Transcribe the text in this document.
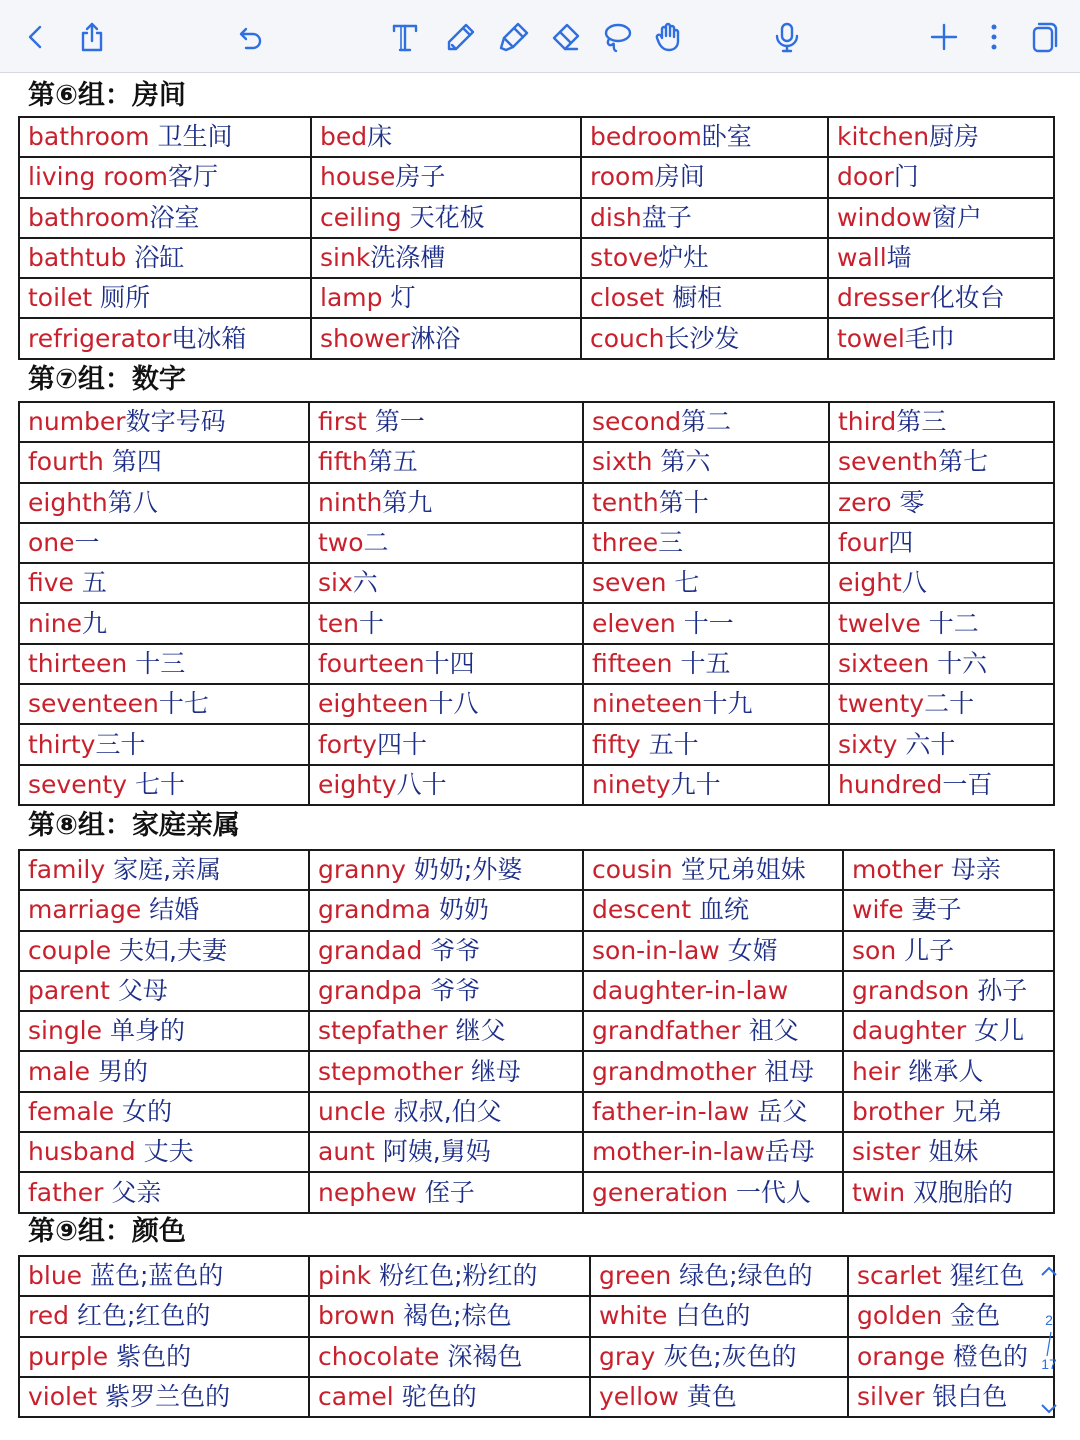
第⑥组：房间
bathroom 卫生间	bed床	bedroom卧室	kitchen厨房
living room客厅	house房子	room房间	door门
bathroom浴室	ceiling 天花板	dish盘子	window窗户
bathtub 浴缸	sink洗涤槽	stove炉灶	wall墙
toilet 厕所	lamp 灯	closet 橱柜	dresser化妆台
refrigerator电冰箱	shower淋浴	couch长沙发	towel毛巾
第⑦组：数字
number数字号码	first 第一	second第二	third第三
fourth 第四	fifth第五	sixth 第六	seventh第七
eighth第八	ninth第九	tenth第十	zero 零
one一	two二	three三	four四
five 五	six六	seven 七	eight八
nine九	ten十	eleven 十一	twelve 十二
thirteen 十三	fourteen十四	fifteen 十五	sixteen 十六
seventeen十七	eighteen十八	nineteen十九	twenty二十
thirty三十	forty四十	fifty 五十	sixty 六十
seventy 七十	eighty八十	ninety九十	hundred一百
第⑧组：家庭亲属
family 家庭,亲属	granny 奶奶;外婆	cousin 堂兄弟姐妹	mother 母亲
marriage 结婚	grandma 奶奶	descent 血统	wife 妻子
couple 夫妇,夫妻	grandad 爷爷	son-in-law 女婿	son 儿子
parent 父母	grandpa 爷爷	daughter-in-law	grandson 孙子
single 单身的	stepfather 继父	grandfather 祖父	daughter 女儿
male 男的	stepmother 继母	grandmother 祖母	heir 继承人
female 女的	uncle 叔叔,伯父	father-in-law 岳父	brother 兄弟
husband 丈夫	aunt 阿姨,舅妈	mother-in-law岳母	sister 姐妹
father 父亲	nephew 侄子	generation 一代人	twin 双胞胎的
第⑨组：颜色
blue 蓝色;蓝色的	pink 粉红色;粉红的	green 绿色;绿色的	scarlet 猩红色
red 红色;红色的	brown 褐色;棕色	white 白色的	golden 金色
purple 紫色的	chocolate 深褐色	gray 灰色;灰色的	orange 橙色的
violet 紫罗兰色的	camel 驼色的	yellow 黄色	silver 银白色
2
17
